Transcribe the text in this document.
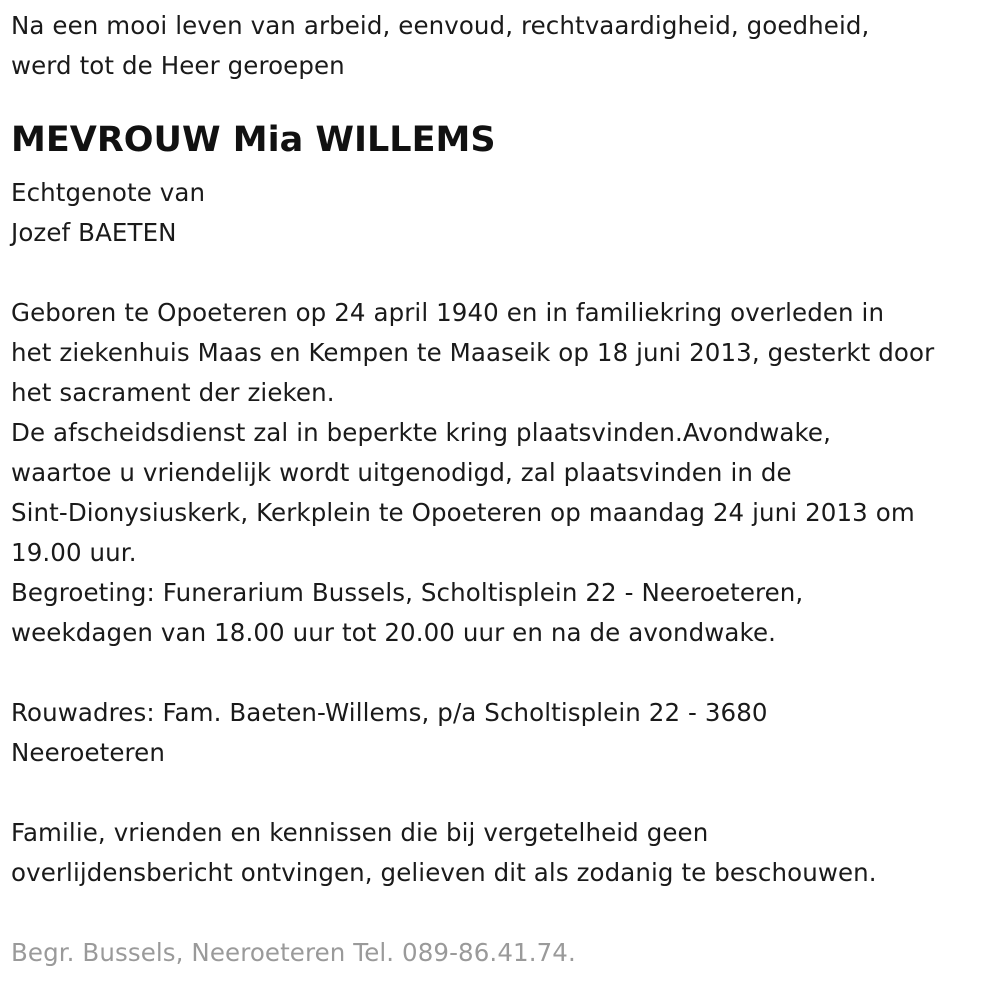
Na een mooi leven van arbeid, eenvoud, rechtvaardigheid, goedheid,
werd tot de Heer geroepen
MEVROUW Mia WILLEMS
Echtgenote van
Jozef BAETEN
Geboren te Opoeteren op 24 april 1940 en in familiekring overleden in
het ziekenhuis Maas en Kempen te Maaseik op 18 juni 2013, gesterkt door
het sacrament der zieken.
De afscheidsdienst zal in beperkte kring plaatsvinden.Avondwake,
waartoe u vriendelijk wordt uitgenodigd, zal plaatsvinden in de
Sint-Dionysiuskerk, Kerkplein te Opoeteren op maandag 24 juni 2013 om
19.00 uur.
Begroeting: Funerarium Bussels, Scholtisplein 22 - Neeroeteren,
weekdagen van 18.00 uur tot 20.00 uur en na de avondwake.
Rouwadres: Fam. Baeten-Willems, p/a Scholtisplein 22 - 3680
Neeroeteren
Familie, vrienden en kennissen die bij vergetelheid geen
overlijdensbericht ontvingen, gelieven dit als zodanig te beschouwen.
Begr. Bussels, Neeroeteren Tel. 089-86.41.74.
